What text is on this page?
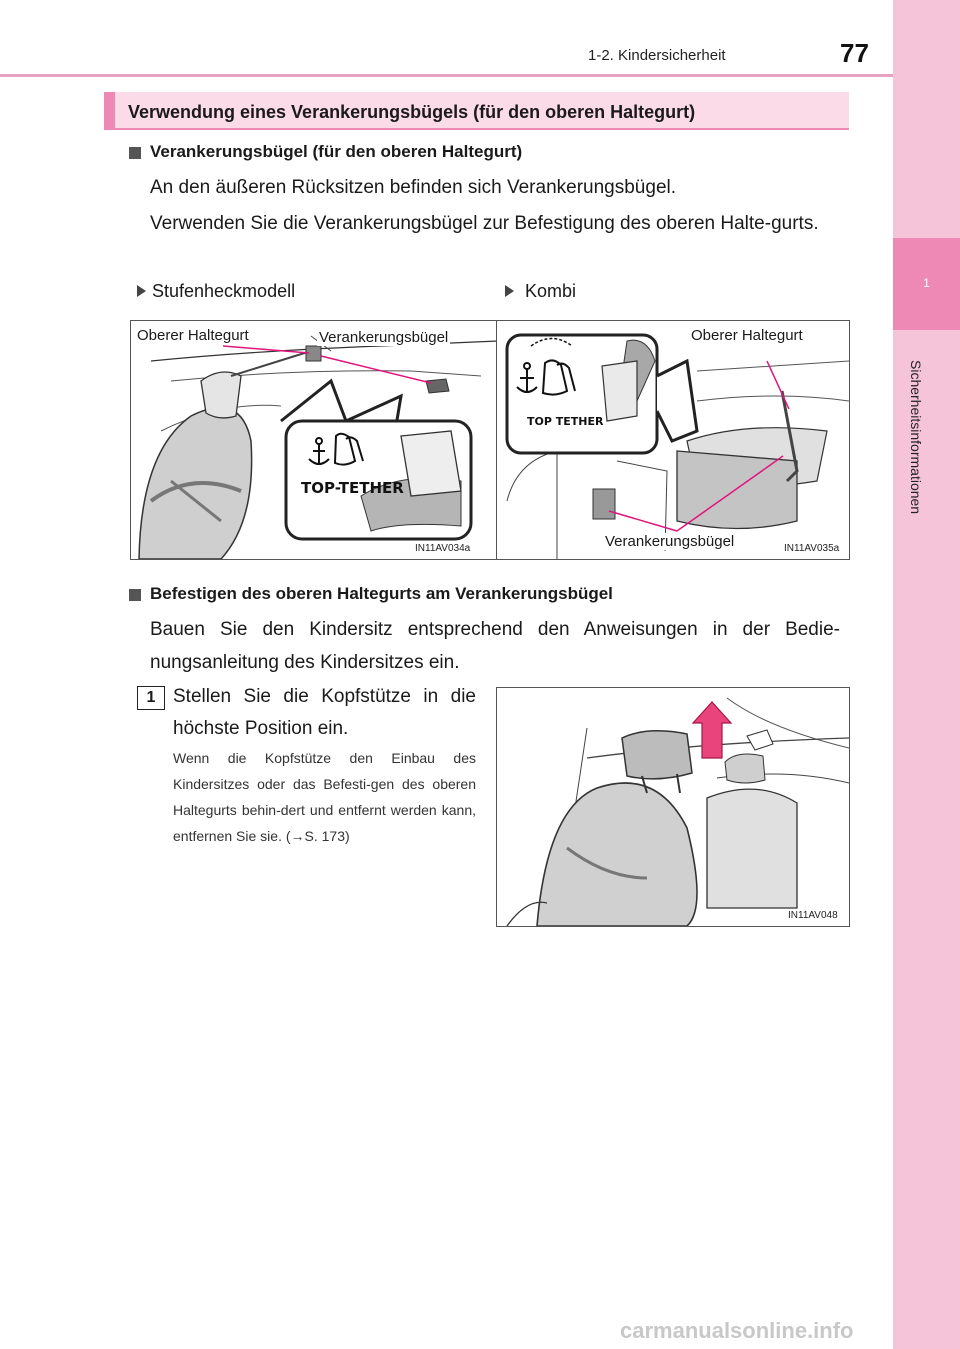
1-2. Kindersicherheit	77
1
Sicherheitsinformationen
Verwendung eines Verankerungsbügels (für den oberen Haltegurt)
Verankerungsbügel (für den oberen Haltegurt)
An den äußeren Rücksitzen befinden sich Verankerungsbügel.
Verwenden Sie die Verankerungsbügel zur Befestigung des oberen Halte-gurts.
Stufenheckmodell	Kombi
TOP-TETHER
Oberer Haltegurt	Verankerungsbügel
IN11AV034a
TOP TETHER
Oberer Haltegurt
Verankerungsbügel	IN11AV035a
Befestigen des oberen Haltegurts am Verankerungsbügel
Bauen Sie den Kindersitz entsprechend den Anweisungen in der Bedie-nungsanleitung des Kindersitzes ein.
1 Stellen Sie die Kopfstütze in die höchste Position ein.
Wenn die Kopfstütze den Einbau des Kindersitzes oder das Befesti-gen des oberen Haltegurts behin-dert und entfernt werden kann, entfernen Sie sie. (→S. 173)
IN11AV048
carmanualsonline.info
